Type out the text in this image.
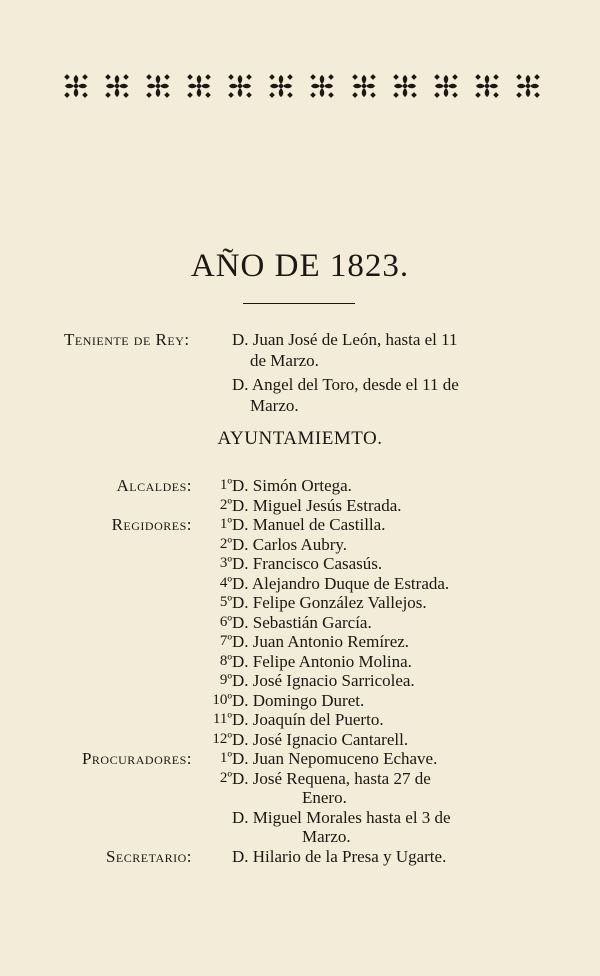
AÑO DE 1823.
Teniente de Rey: D. Juan José de León, hasta el 11
de Marzo.
D. Angel del Toro, desde el 11 de
Marzo.
AYUNTAMIEMTO.
Alcaldes: 1º D. Simón Ortega.
2º D. Miguel Jesús Estrada.
Regidores: 1º D. Manuel de Castilla.
2º D. Carlos Aubry.
3º D. Francisco Casasús.
4º D. Alejandro Duque de Estrada.
5º D. Felipe González Vallejos.
6º D. Sebastián García.
7º D. Juan Antonio Remírez.
8º D. Felipe Antonio Molina.
9º D. José Ignacio Sarricolea.
10º D. Domingo Duret.
11º D. Joaquín del Puerto.
12º D. José Ignacio Cantarell.
Procuradores: 1º D. Juan Nepomuceno Echave.
2º D. José Requena, hasta 27 de
Enero.
D. Miguel Morales hasta el 3 de
Marzo.
Secretario: D. Hilario de la Presa y Ugarte.
